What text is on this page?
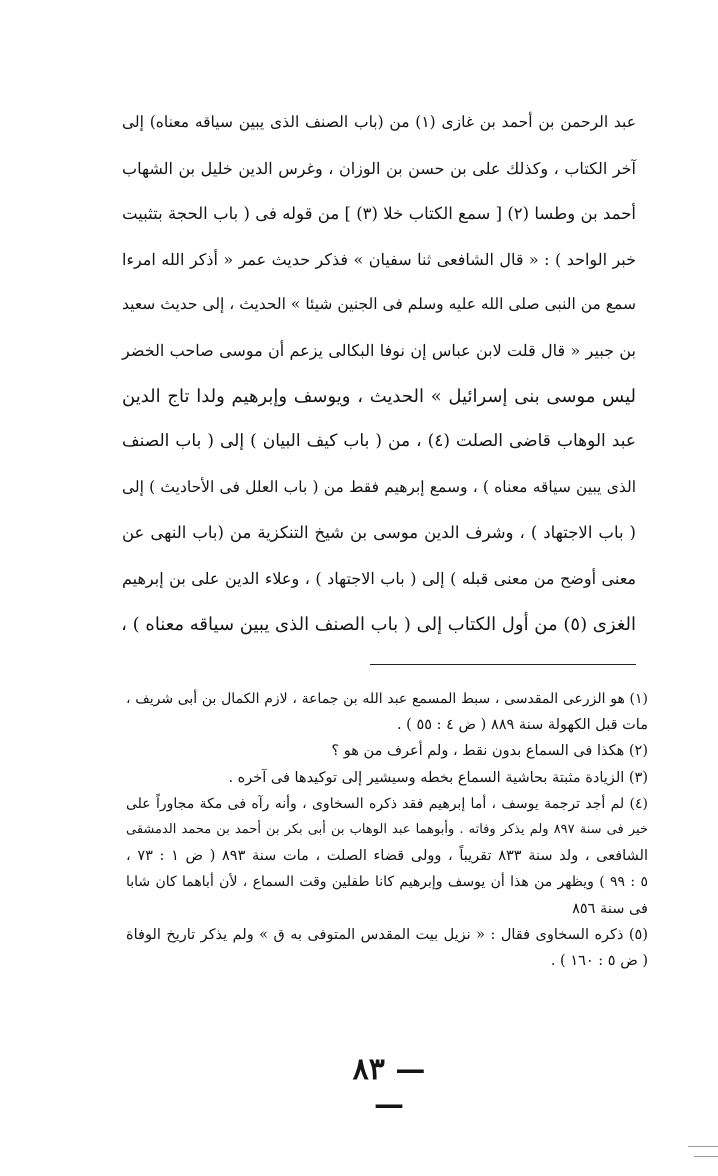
عبد الرحمن بن أحمد بن غازى (١) من (باب الصنف الذى يبين سياقه معناه) إلى
آخر الكتاب ، وكذلك على بن حسن بن الوزان ، وغرس الدين خليل بن الشهاب
أحمد بن وطسا (٢) [ سمع الكتاب خلا (٣) ] من قوله فى ( باب الحجة بتثبيت
خبر الواحد ) : « قال الشافعى ثنا سفيان » فذكر حديث عمر « أذكر الله امرءا
سمع من النبى صلى الله عليه وسلم فى الجنين شيئا » الحديث ، إلى حديث سعيد
بن جبير « قال قلت لابن عباس إن نوفا البكالى يزعم أن موسى صاحب الخضر
ليس موسى بنى إسرائيل » الحديث ، ويوسف وإبرهيم ولدا تاج الدين
عبد الوهاب قاضى الصلت (٤) ، من ( باب كيف البيان ) إلى ( باب الصنف
الذى يبين سياقه معناه ) ، وسمع إبرهيم فقط من ( باب العلل فى الأحاديث ) إلى
( باب الاجتهاد ) ، وشرف الدين موسى بن شيخ التنكزية من (باب النهى عن
معنى أوضح من معنى قبله ) إلى ( باب الاجتهاد ) ، وعلاء الدين على بن إبرهيم
الغزى (٥) من أول الكتاب إلى ( باب الصنف الذى يبين سياقه معناه ) ،
(١) هو الزرعى المقدسى ، سبط المسمع عبد الله بن جماعة ، لازم الكمال بن أبى شريف ،
مات قبل الكهولة سنة ٨٨٩ ( ض ٤ : ٥٥ ) .
(٢) هكذا فى السماع بدون نقط ، ولم أعرف من هو ؟
(٣) الزيادة مثبتة بحاشية السماع بخطه وسيشير إلى توكيدها فى آخره .
(٤) لم أجد ترجمة يوسف ، أما إبرهيم فقد ذكره السخاوى ، وأنه رآه فى مكة مجاوراً على
خير فى سنة ٨٩٧ ولم يذكر وفاته . وأبوهما عبد الوهاب بن أبى بكر بن أحمد بن محمد الدمشقى
الشافعى ، ولد سنة ٨٣٣ تقريباً ، وولى قضاء الصلت ، مات سنة ٨٩٣ ( ض ١ : ٧٣ ،
٥ : ٩٩ ) ويظهر من هذا أن يوسف وإبرهيم كانا طفلين وقت السماع ، لأن أباهما كان شابا
فى سنة ٨٥٦
(٥) ذكره السخاوى فقال : « نزيل بيت المقدس المتوفى به ق » ولم يذكر تاريخ الوفاة
( ض ٥ : ١٦٠ ) .
— ٨٣ —
